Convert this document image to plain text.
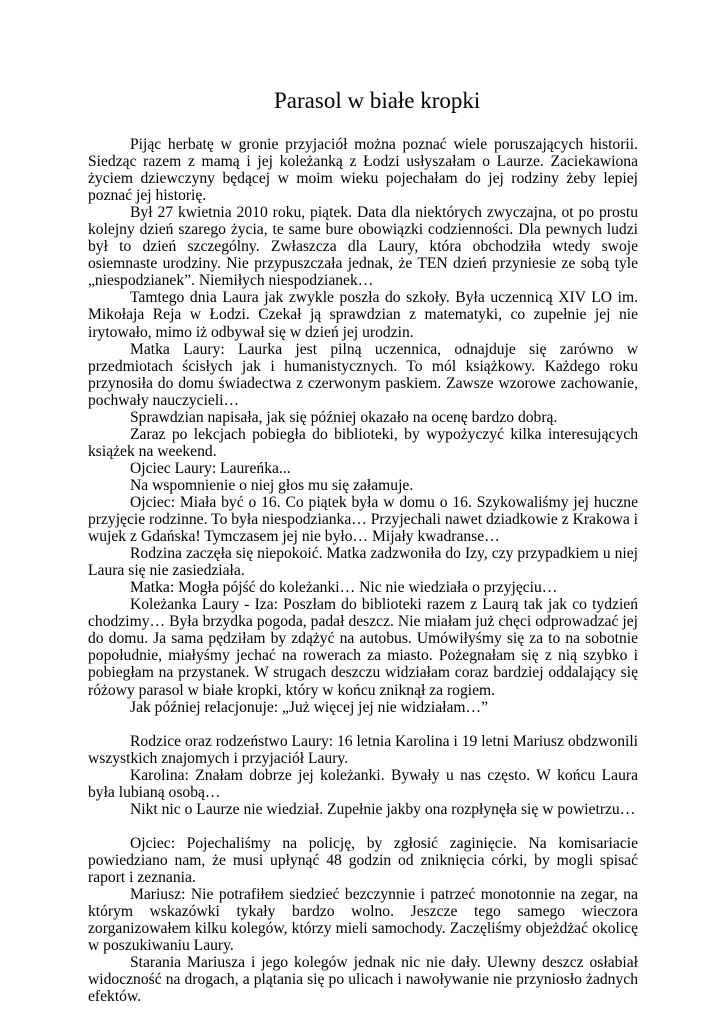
Parasol w białe kropki

Pijąc herbatę w gronie przyjaciół można poznać wiele poruszających historii. Siedząc razem z mamą i jej koleżanką z Łodzi usłyszałam o Laurze. Zaciekawiona życiem dziewczyny będącej w moim wieku pojechałam do jej rodziny żeby lepiej poznać jej historię.

Był 27 kwietnia 2010 roku, piątek. Data dla niektórych zwyczajna, ot po prostu kolejny dzień szarego życia, te same bure obowiązki codzienności. Dla pewnych ludzi był to dzień szczególny. Zwłaszcza dla Laury, która obchodziła wtedy swoje osiemnaste urodziny. Nie przypuszczała jednak, że TEN dzień przyniesie ze sobą tyle „niespodzianek”. Niemiłych niespodzianek…

Tamtego dnia Laura jak zwykle poszła do szkoły. Była uczennicą XIV LO im. Mikołaja Reja w Łodzi. Czekał ją sprawdzian z matematyki, co zupełnie jej nie irytowało, mimo iż odbywał się w dzień jej urodzin.

Matka Laury: Laurka jest pilną uczennica, odnajduje się zarówno w przedmiotach ścisłych jak i humanistycznych. To mól książkowy. Każdego roku przynosiła do domu świadectwa z czerwonym paskiem. Zawsze wzorowe zachowanie, pochwały nauczycieli…

Sprawdzian napisała, jak się później okazało na ocenę bardzo dobrą.

Zaraz po lekcjach pobiegła do biblioteki, by wypożyczyć kilka interesujących książek na weekend.

Ojciec Laury: Laureńka...

Na wspomnienie o niej głos mu się załamuje.

Ojciec: Miała być o 16. Co piątek była w domu o 16. Szykowaliśmy jej huczne przyjęcie rodzinne. To była niespodzianka… Przyjechali nawet dziadkowie z Krakowa i wujek z Gdańska! Tymczasem jej nie było… Mijały kwadranse…

Rodzina zaczęła się niepokoić. Matka zadzwoniła do Izy, czy przypadkiem u niej Laura się nie zasiedziała.

Matka: Mogła pójść do koleżanki… Nic nie wiedziała o przyjęciu…

Koleżanka Laury - Iza: Poszłam do biblioteki razem z Laurą tak jak co tydzień chodzimy… Była brzydka pogoda, padał deszcz. Nie miałam już chęci odprowadzać jej do domu. Ja sama pędziłam by zdążyć na autobus. Umówiłyśmy się za to na sobotnie popołudnie, miałyśmy jechać na rowerach za miasto. Pożegnałam się z nią szybko i pobiegłam na przystanek. W strugach deszczu widziałam coraz bardziej oddalający się różowy parasol w białe kropki, który w końcu zniknął za rogiem.

Jak później relacjonuje: „Już więcej jej nie widziałam…”

Rodzice oraz rodzeństwo Laury: 16 letnia Karolina i 19 letni Mariusz obdzwonili wszystkich znajomych i przyjaciół Laury.

Karolina: Znałam dobrze jej koleżanki. Bywały u nas często. W końcu Laura była lubianą osobą…

Nikt nic o Laurze nie wiedział. Zupełnie jakby ona rozpłynęła się w powietrzu…

Ojciec: Pojechaliśmy na policję, by zgłosić zaginięcie. Na komisariacie powiedziano nam, że musi upłynąć 48 godzin od zniknięcia córki, by mogli spisać raport i zeznania.

Mariusz: Nie potrafiłem siedzieć bezczynnie i patrzeć monotonnie na zegar, na którym wskazówki tykały bardzo wolno. Jeszcze tego samego wieczora zorganizowałem kilku kolegów, którzy mieli samochody. Zaczęliśmy objeżdżać okolicę w poszukiwaniu Laury.

Starania Mariusza i jego kolegów jednak nic nie dały. Ulewny deszcz osłabiał widoczność na drogach, a plątania się po ulicach i nawoływanie nie przyniosło żadnych efektów.
